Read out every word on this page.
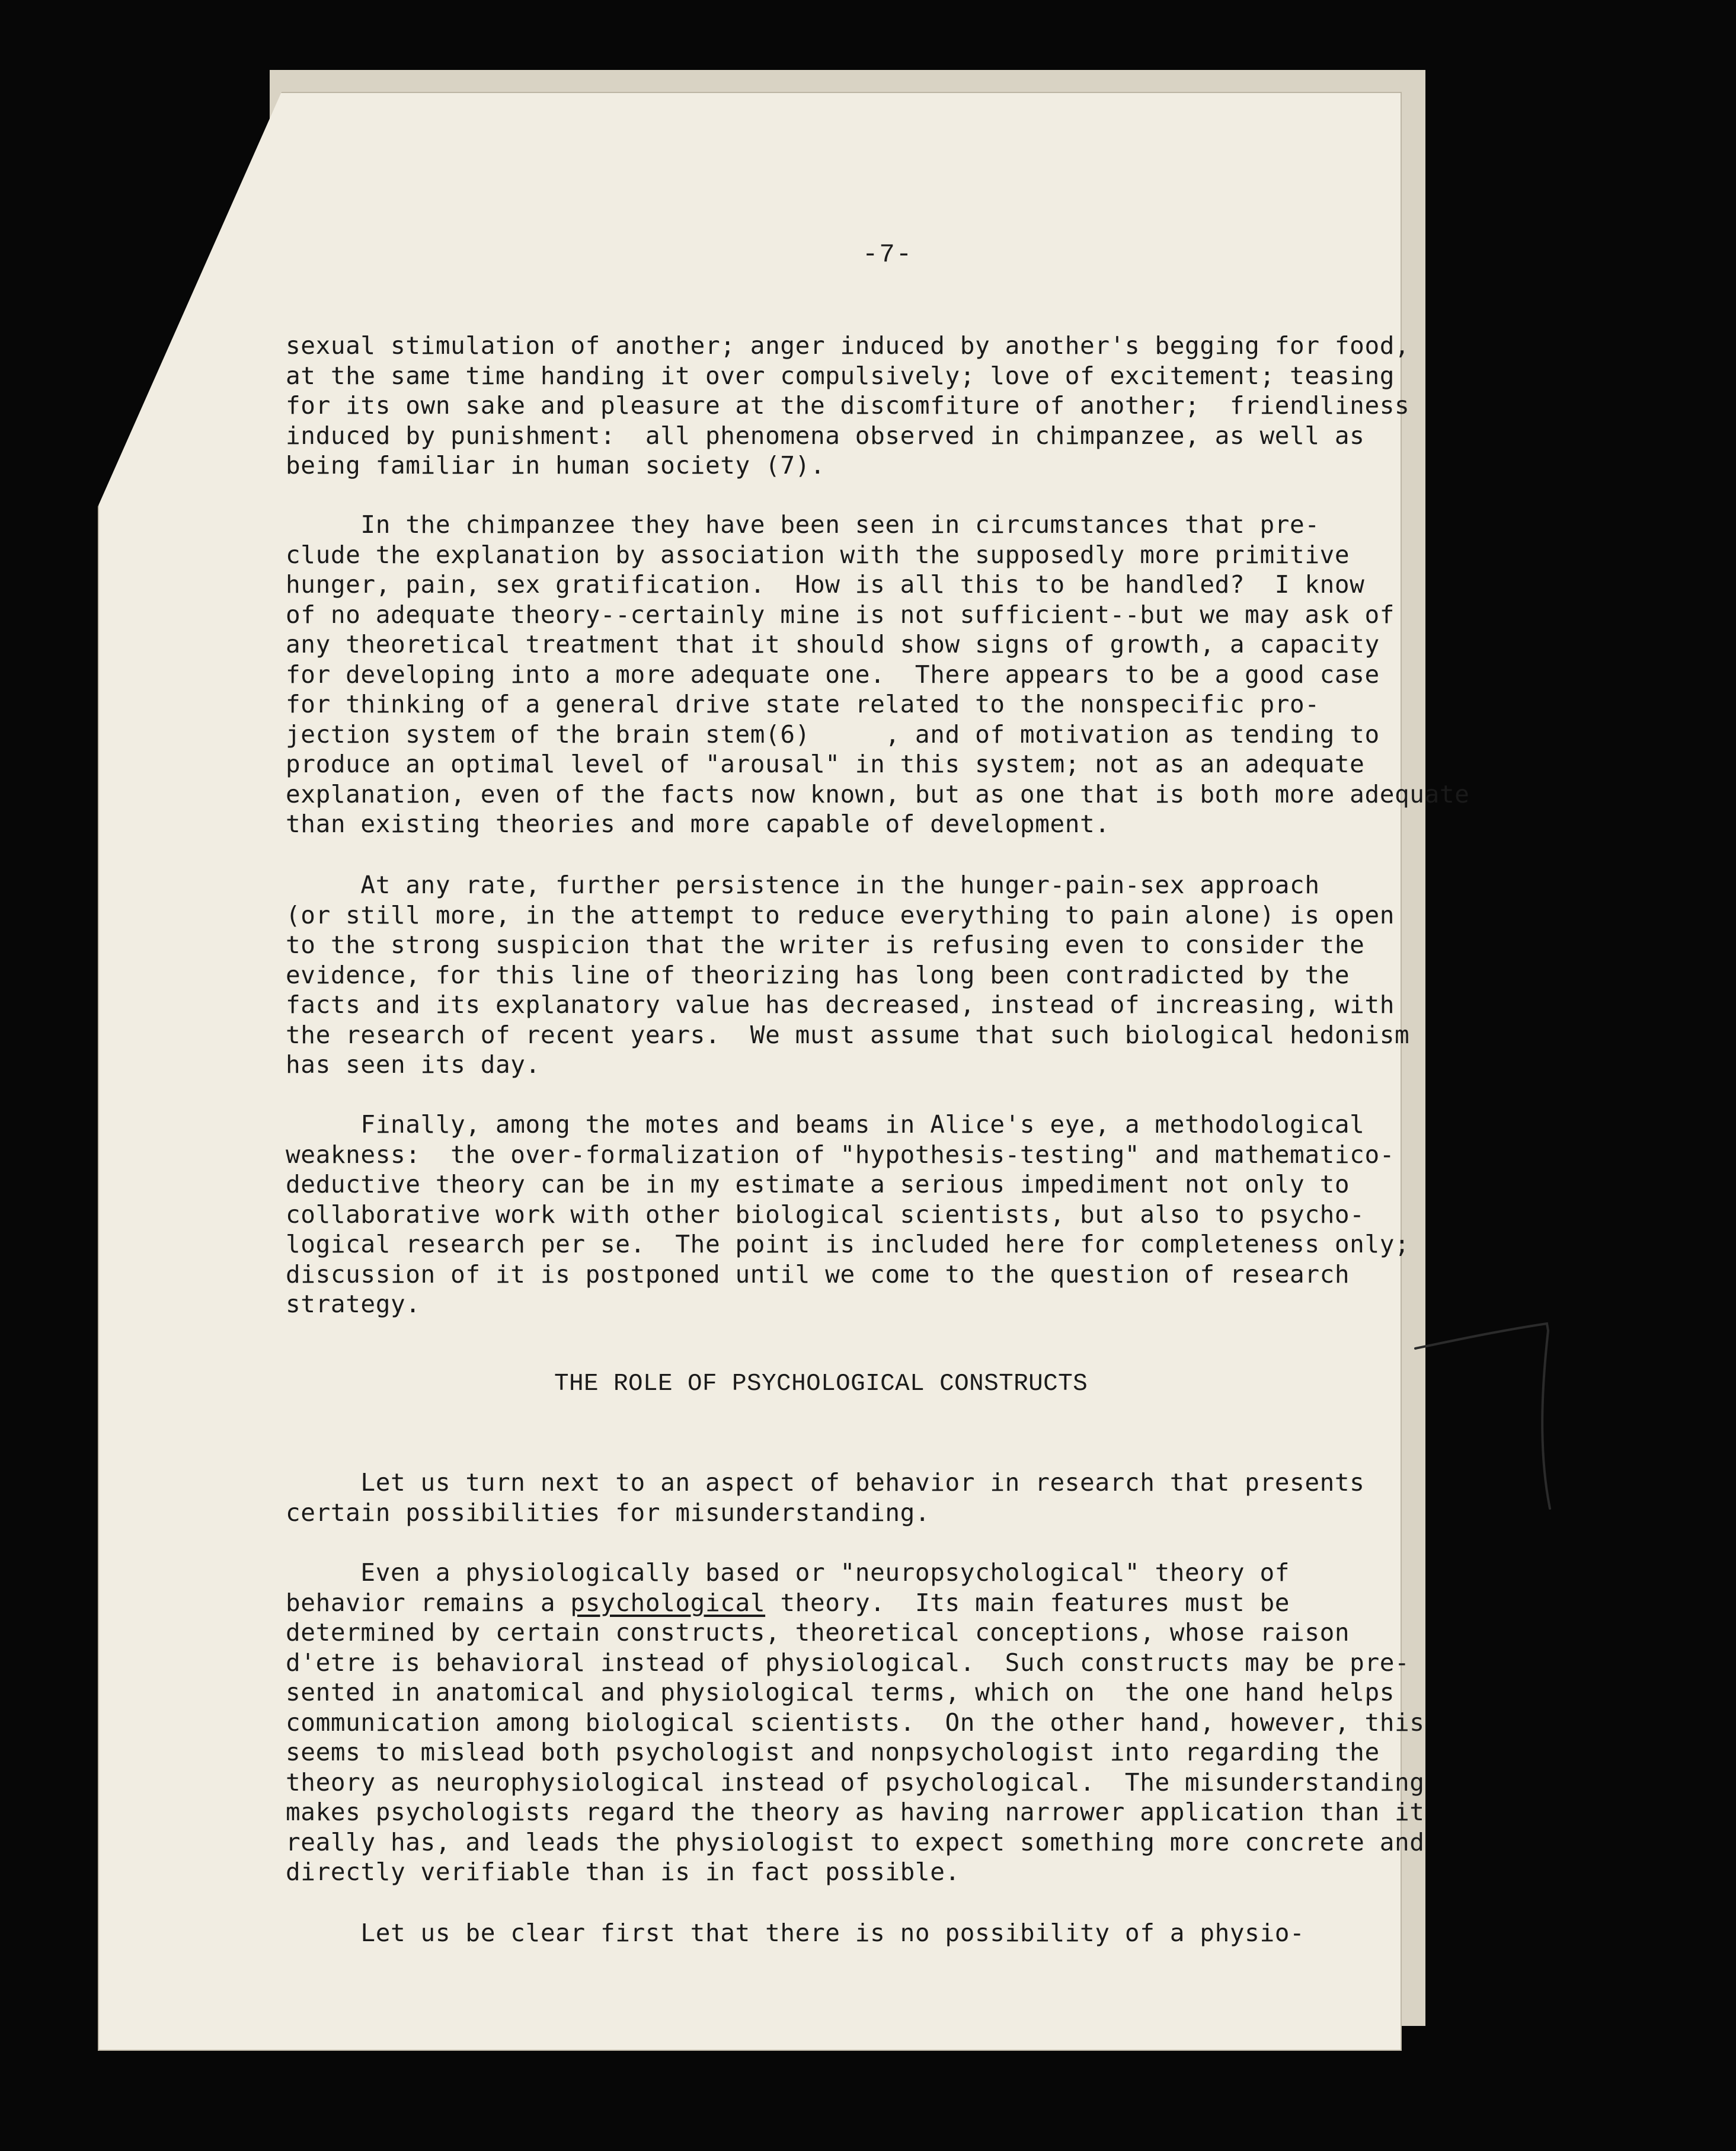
-7-
sexual stimulation of another; anger induced by another's begging for food,
at the same time handing it over compulsively; love of excitement; teasing
for its own sake and pleasure at the discomfiture of another;  friendliness
induced by punishment:  all phenomena observed in chimpanzee, as well as
being familiar in human society (7).
In the chimpanzee they have been seen in circumstances that pre-
clude the explanation by association with the supposedly more primitive
hunger, pain, sex gratification.  How is all this to be handled?  I know
of no adequate theory--certainly mine is not sufficient--but we may ask of
any theoretical treatment that it should show signs of growth, a capacity
for developing into a more adequate one.  There appears to be a good case
for thinking of a general drive state related to the nonspecific pro-
jection system of the brain stem(6)     , and of motivation as tending to
produce an optimal level of "arousal" in this system; not as an adequate
explanation, even of the facts now known, but as one that is both more adequate
than existing theories and more capable of development.
At any rate, further persistence in the hunger-pain-sex approach
(or still more, in the attempt to reduce everything to pain alone) is open
to the strong suspicion that the writer is refusing even to consider the
evidence, for this line of theorizing has long been contradicted by the
facts and its explanatory value has decreased, instead of increasing, with
the research of recent years.  We must assume that such biological hedonism
has seen its day.
Finally, among the motes and beams in Alice's eye, a methodological
weakness:  the over-formalization of "hypothesis-testing" and mathematico-
deductive theory can be in my estimate a serious impediment not only to
collaborative work with other biological scientists, but also to psycho-
logical research per se.  The point is included here for completeness only;
discussion of it is postponed until we come to the question of research
strategy.
THE ROLE OF PSYCHOLOGICAL CONSTRUCTS
Let us turn next to an aspect of behavior in research that presents
certain possibilities for misunderstanding.
Even a physiologically based or "neuropsychological" theory of
behavior remains a psychological theory.  Its main features must be
determined by certain constructs, theoretical conceptions, whose raison
d'etre is behavioral instead of physiological.  Such constructs may be pre-
sented in anatomical and physiological terms, which on  the one hand helps
communication among biological scientists.  On the other hand, however, this
seems to mislead both psychologist and nonpsychologist into regarding the
theory as neurophysiological instead of psychological.  The misunderstanding
makes psychologists regard the theory as having narrower application than it
really has, and leads the physiologist to expect something more concrete and
directly verifiable than is in fact possible.
Let us be clear first that there is no possibility of a physio-
